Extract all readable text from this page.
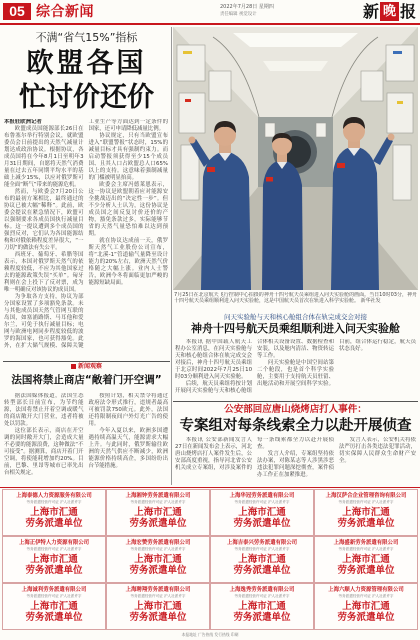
05 综合新闻	2022年7月28日 星期四
责任编辑 视觉设计	新 晚 报
不满“省气15%”指标
欧盟各国
忙讨价还价

本报驻欧洲记者

欧盟成员国能源部长26日在布鲁塞尔举行特别会议，就欧盟委员会日前提出的天然气减量计划达成政治协议。根据协议，各成员国将在今年8月1日至明年3月31日期间，自愿将天然气消费量在过去五年同期平均水平的基础上减少15%，以应对俄罗斯可能全面“断气”带来的能源危机。

然而，与欧委会7月20日公布的最初方案相比，最终通过的协议已被大幅“稀释”。此前，欧委会提议在紧急情况下，欧盟可以强制要求各成员国执行减量目标。这一提议遭到多个成员国的强烈反对，它们认为各国能源结构和对俄依赖程度差异很大，“一刀切”的做法有失公平。

西班牙、葡萄牙、希腊等国表示，本国对俄罗斯天然气的依赖程度较低，不应为其他国家过去的能源政策失误“买单”。匈牙利则在会上投下了反对票，成为唯一明确反对该协议的成员国。

为争取各方支持，协议为部分国家设置了多项豁免条款。未与其他成员国天然气管网互联的岛国，如塞浦路斯、马耳他和爱尔兰，可免于执行减量目标；电网与欧洲电网同步程度较低的波罗的海国家，也可获得豁免。此外，在扩大储气规模、保障关键工业生产等方面达到一定条件的国家，还可申请降低减量比例。

协议规定，只有当欧盟宣布进入“联盟警报”状态时，15%的减量目标才具有强制约束力。而启动警报须获得至少15个成员国、且其人口占欧盟总人口65%以上的支持。这意味着强制减量的门槛被明显抬高。

欧委会主席冯德莱恩表示，这一协议是欧盟朝着应对能源安全挑战迈出的“决定性一步”。但不少分析人士认为，这份协议是成员国之间反复讨价还价的产物，豁免条款过多，实际能够节省的天然气量恐怕难以达到预期。

就在协议达成前一天，俄罗斯天然气工业股份公司宣布，将“北溪-1”管道输气量降至设计能力的20%左右，欧洲天然气价格随之大幅上涨。业内人士警告，欧洲今冬将面临更加严峻的能源短缺局面。

新闻观察
法国将禁止商店“敞着门开空调”

据法国媒体报道，法国生态转型部长日前宣布，为节约能源，法国将禁止开着空调或暖气的商店敞开大门营业，违者将被处以罚款。

这位部长表示，商店在开空调的同时敞开大门，会造成大量不必要的能源浪费，这种做法“不可接受”。据测算，商店开着门开空调，将使能耗增加约20%。目前，巴黎、里昂等城市已率先出台相关规定。

按照计划，相关禁令将通过政府法令形式推行，违规者最高可被罚款750欧元。此外，法国还将限制夜间户外灯光广告的使用。

今年入夏以来，欧洲多国遭遇持续高温天气，能源需求大幅上升。与此同时，俄罗斯输往欧洲的天然气供应不断减少，欧洲能源价格持续高企，多国纷纷出台节能措施。

7月25日在北京航天飞行控制中心拍摄的神舟十四号航天员乘组进入问天实验舱的画面。当日10时03分，神舟十四号航天员乘组顺利进入问天实验舱，这是中国航天员首次在轨进入科学实验舱。 新华社发
问天实验舱与天和核心舱组合体在轨完成交会对接
神舟十四号航天员乘组顺利进入问天实验舱

本报讯 据中国载人航天工程办公室消息，在问天实验舱与天和核心舱组合体在轨完成交会对接后，神舟十四号航天员乘组于北京时间2022年7月25日10时03分顺利进入问天实验舱。

后续，航天员乘组将按计划开展问天实验舱与天和核心舱组合体相关设备设置、数据检查和安装，以及舱内清洁、物资转运等工作。

问天实验舱是中国空间站第二个舱段，也是首个科学实验舱，主要用于支持航天员驻留、出舱活动和开展空间科学实验。目前，组合体运行稳定，航天员状态良好。

公安部回应唐山烧烤店打人事件：
专案组对每条线索全力以赴开展侦查

本报讯 公安部新闻发言人27日在新闻发布会上表示，河北唐山烧烤店打人案件发生后，公安部高度重视，指导河北省公安机关成立专案组，对涉及案件的每一条线索都全力以赴开展侦查。

发言人介绍，专案组坚持依法办案，对陈某志等人涉黑涉恶违法犯罪问题深挖彻查，案件侦办工作正在加紧推进。

发言人表示，公安机关将依法严厉打击各类违法犯罪活动，切实保障人民群众生命财产安全。

上海泰德人力资源服务有限公司
劳务派遣经营许可证 沪人社派许字
上海市汇通
劳务派遣单位
上海湘钟劳务派遣有限公司
劳务派遣经营许可证 沪人社派许字
上海市汇通
劳务派遣单位
上海华冠劳务派遣有限公司
劳务派遣经营许可证 沪人社派许字
上海市汇通
劳务派遣单位
上海汉萨合企业管理咨询有限公司
劳务派遣经营许可证 沪人社派许字
上海市汇通
劳务派遣单位
上海正伊特人力资源有限公司
劳务派遣经营许可证 沪人社派许字
上海市汇通
劳务派遣单位
上海宏赞劳务派遣有限公司
劳务派遣经营许可证 沪人社派许字
上海市汇通
劳务派遣单位
上海吉泰兴劳务派遣有限公司
劳务派遣经营许可证 沪人社派许字
上海市汇通
劳务派遣单位
上海盛新劳务派遣有限公司
劳务派遣经营许可证 沪人社派许字
上海市汇通
劳务派遣单位
上海诚利劳务派遣有限公司
劳务派遣经营许可证 沪人社派许字
上海市汇通
劳务派遣单位
上海聘翔劳务派遣有限公司
劳务派遣经营许可证 沪人社派许字
上海市汇通
劳务派遣单位
上海逸秀劳务派遣有限公司
劳务派遣经营许可证 沪人社派许字
上海市汇通
劳务派遣单位
上海六顺人力资源管理有限公司
劳务派遣经营许可证 沪人社派许字
上海市汇通
劳务派遣单位
本报地址 广告热线 发行热线 印刷
